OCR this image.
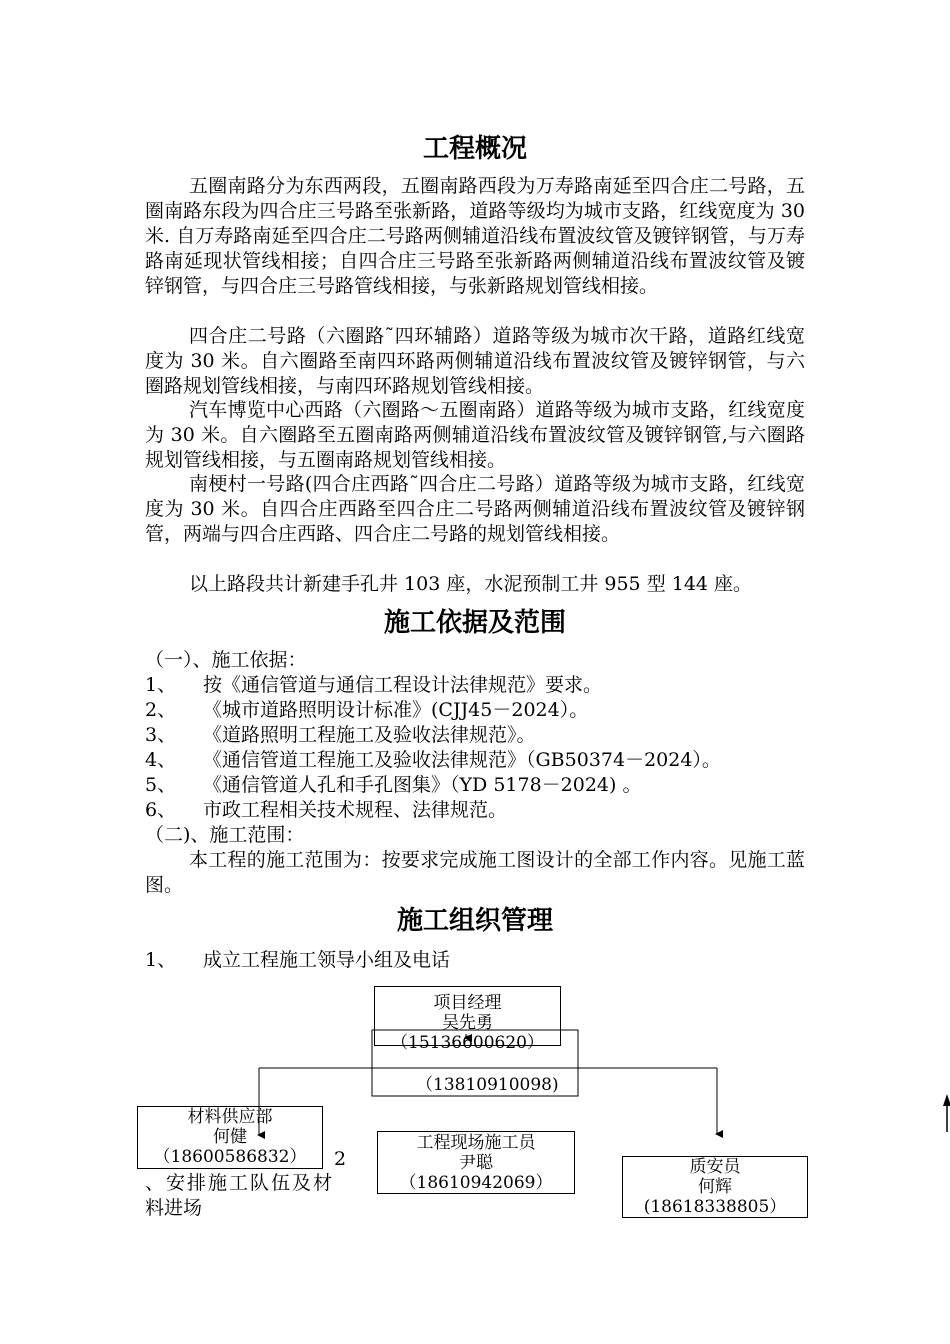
工程概况

五圈南路分为东西两段，五圈南路西段为万寿路南延至四合庄二号路，五圈南路东段为四合庄三号路至张新路，道路等级均为城市支路，红线宽度为 30 米. 自万寿路南延至四合庄二号路两侧辅道沿线布置波纹管及镀锌钢管，与万寿路南延现状管线相接；自四合庄三号路至张新路两侧辅道沿线布置波纹管及镀锌钢管，与四合庄三号路管线相接，与张新路规划管线相接。

四合庄二号路（六圈路˜四环辅路）道路等级为城市次干路，道路红线宽度为 30 米。自六圈路至南四环路两侧辅道沿线布置波纹管及镀锌钢管，与六圈路规划管线相接，与南四环路规划管线相接。

汽车博览中心西路（六圈路～五圈南路）道路等级为城市支路，红线宽度为 30 米。自六圈路至五圈南路两侧辅道沿线布置波纹管及镀锌钢管,与六圈路规划管线相接，与五圈南路规划管线相接。

南梗村一号路(四合庄西路˜四合庄二号路）道路等级为城市支路，红线宽度为 30 米。自四合庄西路至四合庄二号路两侧辅道沿线布置波纹管及镀锌钢管，两端与四合庄西路、四合庄二号路的规划管线相接。

以上路段共计新建手孔井 103 座，水泥预制工井 955 型 144 座。

施工依据及范围

（一）、施工依据：

1、 按《通信管道与通信工程设计法律规范》要求。

2、 《城市道路照明设计标准》(CJJ45－2024）。

3、 《道路照明工程施工及验收法律规范》。

4、 《通信管道工程施工及验收法律规范》（GB50374－2024）。

5、 《通信管道人孔和手孔图集》（YD 5178－2024) 。

6、 市政工程相关技术规程、法律规范。

（二)、施工范围：

本工程的施工范围为：按要求完成施工图设计的全部工作内容。见施工蓝图。

施工组织管理

1、 成立工程施工领导小组及电话

项目经理
吴先勇
（15136600620）
（13810910098)
材料供应部
何健
（18600586832）
工程现场施工员
尹聪
（18610942069）
质安员
何辉
(18618338805）
2
、安排施工队伍及材
料进场
